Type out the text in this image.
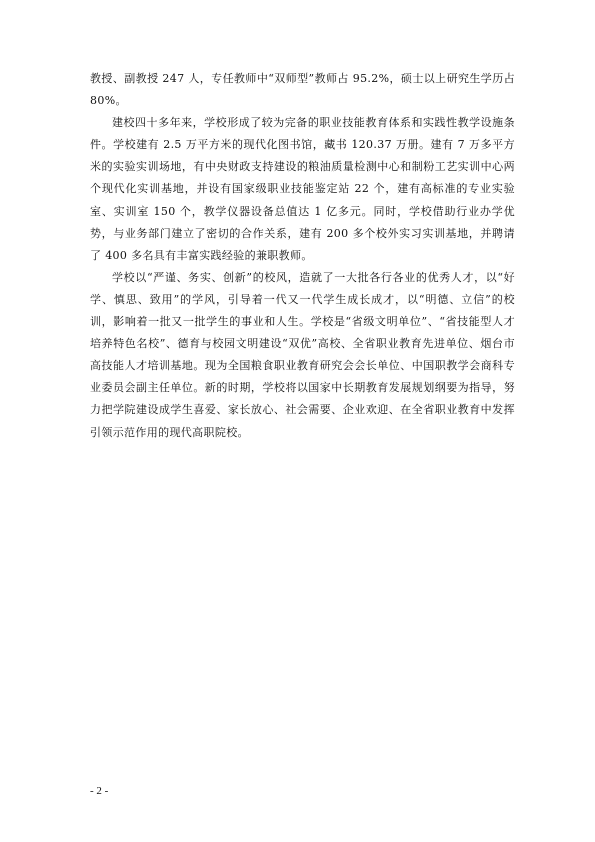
教授、副教授 247 人，专任教师中“双师型”教师占 95.2%，硕士以上研究生学历占 80%。

建校四十多年来，学校形成了较为完备的职业技能教育体系和实践性教学设施条件。学校建有 2.5 万平方米的现代化图书馆，藏书 120.37 万册。建有 7 万多平方米的实验实训场地，有中央财政支持建设的粮油质量检测中心和制粉工艺实训中心两个现代化实训基地，并设有国家级职业技能鉴定站 22 个，建有高标准的专业实验室、实训室 150 个，教学仪器设备总值达 1 亿多元。同时，学校借助行业办学优势，与业务部门建立了密切的合作关系，建有 200 多个校外实习实训基地，并聘请了 400 多名具有丰富实践经验的兼职教师。

学校以“严谨、务实、创新”的校风，造就了一大批各行各业的优秀人才，以“好学、慎思、致用”的学风，引导着一代又一代学生成长成才，以“明德、立信”的校训，影响着一批又一批学生的事业和人生。学校是“省级文明单位”、“省技能型人才培养特色名校”、德育与校园文明建设“双优”高校、全省职业教育先进单位、烟台市高技能人才培训基地。现为全国粮食职业教育研究会会长单位、中国职教学会商科专业委员会副主任单位。新的时期，学校将以国家中长期教育发展规划纲要为指导，努力把学院建设成学生喜爱、家长放心、社会需要、企业欢迎、在全省职业教育中发挥引领示范作用的现代高职院校。

- 2 -
